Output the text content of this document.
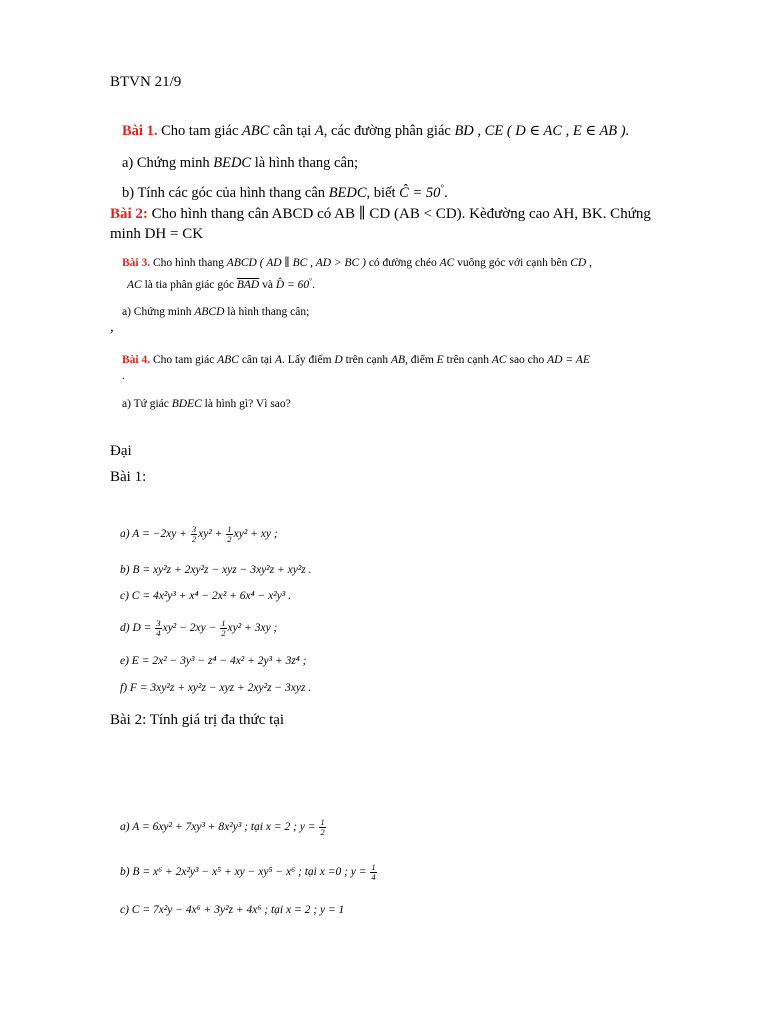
BTVN 21/9
Bài 1. Cho tam giác ABC cân tại A, các đường phân giác BD , CE ( D ∈ AC , E ∈ AB ).
a) Chứng minh BEDC là hình thang cân;
b) Tính các góc của hình thang cân BEDC, biết Ĉ = 50°.
Bài 2: Cho hình thang cân ABCD có AB ∥ CD (AB < CD). Kèđường cao AH, BK. Chứng
minh DH = CK
Bài 3. Cho hình thang ABCD ( AD ∥ BC , AD > BC ) có đường chéo AC vuông góc với cạnh bên CD ,
AC là tia phân giác góc $\overline{BAD}$ và D̂ = 60°.
a) Chứng minh ABCD là hình thang cân;
,
Bài 4. Cho tam giác ABC cân tại A. Lấy điểm D trên cạnh AB, điểm E trên cạnh AC sao cho AD = AE
.
a) Tứ giác BDEC là hình gì? Vì sao?
Đại
Bài 1:
a) $A = -2xy + \frac{3}{2} xy^2 + \frac{1}{2} xy^2$ + xy ;
b) B = xy²z + 2xy²z − xyz − 3xy²z + xy²z .
c) C = 4x²y³ + x⁴ − 2x² + 6x⁴ − x²y³ .
d) $D = \frac{3}{4} xy^2 - 2xy - \frac{1}{2} xy^2 + 3xy$ ;
e) E = 2x² − 3y³ − z⁴ − 4x² + 2y³ + 3z⁴ ;
f) F = 3xy²z + xy²z − xyz + 2xy²z − 3xyz .
Bài 2: Tính giá trị đa thức tại
a) A = 6xy² + 7xy³ + 8x²y³ ; tại x = 2 ; $y = \frac{1}{2}$
b) B = x⁶ + 2x²y³ − x⁵ + xy − xy⁵ − x⁶ ; tại x =0 ; $y = \frac{1}{4}$
c) C = 7x²y − 4x⁶ + 3y²z + 4x⁶ ; tại x = 2 ; y = 1
